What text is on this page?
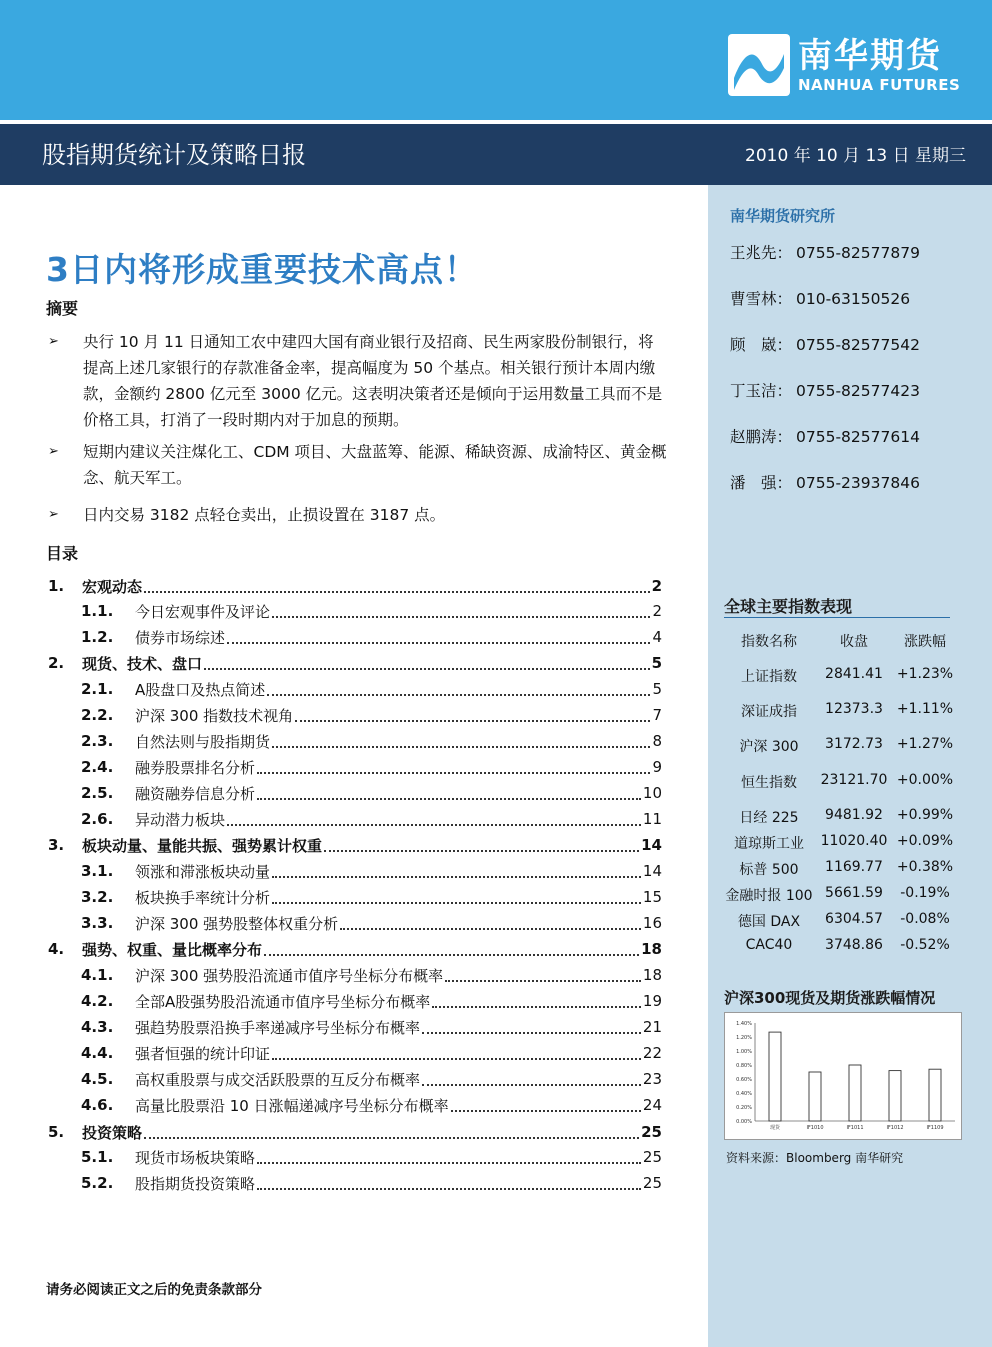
南华期货
NANHUA FUTURES
股指期货统计及策略日报	2010 年 10 月 13 日 星期三
3日内将形成重要技术高点！
摘要
➢ 央行 10 月 11 日通知工农中建四大国有商业银行及招商、民生两家股份制银行，将提高上述几家银行的存款准备金率，提高幅度为 50 个基点。相关银行预计本周内缴款，金额约 2800 亿元至 3000 亿元。这表明决策者还是倾向于运用数量工具而不是价格工具，打消了一段时期内对于加息的预期。
➢ 短期内建议关注煤化工、CDM 项目、大盘蓝筹、能源、稀缺资源、成渝特区、黄金概念、航天军工。
➢ 日内交易 3182 点轻仓卖出，止损设置在 3187 点。
目录
1.	宏观动态	2
1.1.	今日宏观事件及评论	2
1.2.	债券市场综述	4
2.	现货、技术、盘口	5
2.1.	A股盘口及热点简述	5
2.2.	沪深 300 指数技术视角	7
2.3.	自然法则与股指期货	8
2.4.	融券股票排名分析	9
2.5.	融资融券信息分析	10
2.6.	异动潜力板块	11
3.	板块动量、量能共振、强势累计权重	14
3.1.	领涨和滞涨板块动量	14
3.2.	板块换手率统计分析	15
3.3.	沪深 300 强势股整体权重分析	16
4.	强势、权重、量比概率分布	18
4.1.	沪深 300 强势股沿流通市值序号坐标分布概率	18
4.2.	全部A股强势股沿流通市值序号坐标分布概率	19
4.3.	强趋势股票沿换手率递减序号坐标分布概率	21
4.4.	强者恒强的统计印证	22
4.5.	高权重股票与成交活跃股票的互反分布概率	23
4.6.	高量比股票沿 10 日涨幅递减序号坐标分布概率	24
5.	投资策略	25
5.1.	现货市场板块策略	25
5.2.	股指期货投资策略	25
请务必阅读正文之后的免责条款部分
南华期货研究所
王兆先： 0755-82577879
曹雪林： 010-63150526
顾　崴： 0755-82577542
丁玉洁： 0755-82577423
赵鹏涛： 0755-82577614
潘　强： 0755-23937846
全球主要指数表现
指数名称	收盘	涨跌幅
上证指数	2841.41 +1.23%
深证成指	12373.3 +1.11%
沪深 300	3172.73 +1.27%
恒生指数	23121.70 +0.00%
日经 225	9481.92 +0.99%
道琼斯工业	11020.40 +0.09%
标普 500	1169.77 +0.38%
金融时报 100 5661.59	-0.19%
德国 DAX	6304.57	-0.08%
CAC40	3748.86	-0.52%
沪深300现货及期货涨跌幅情况
0.00%
0.20%
0.40%
0.60%
0.80%
1.00%
1.20%
1.40%
现货	IF1010	IF1011	IF1012	IF1109
资料来源：Bloomberg 南华研究
